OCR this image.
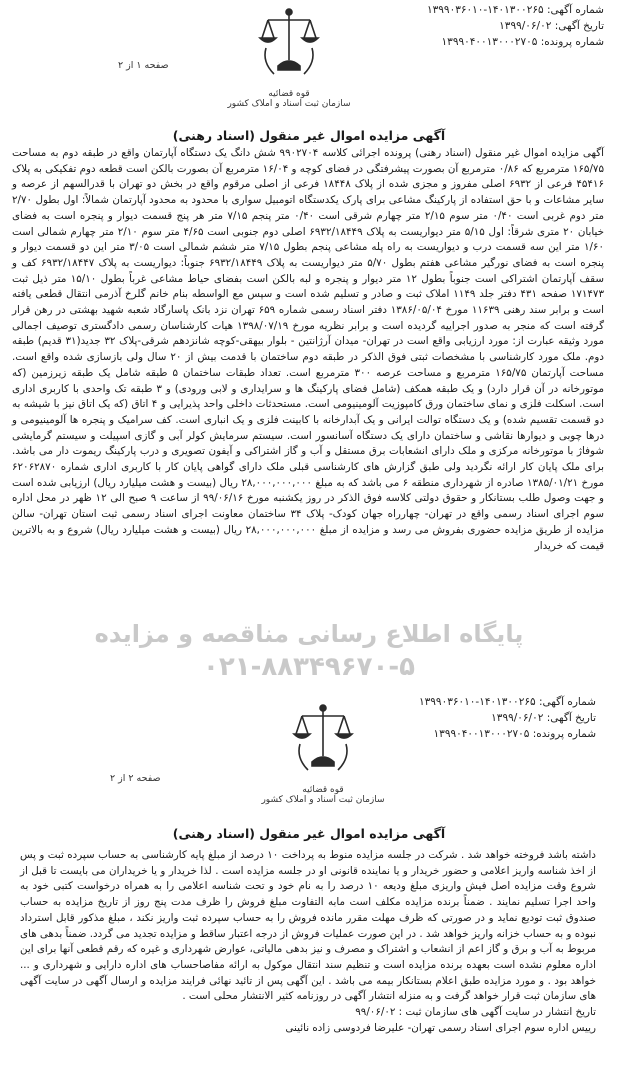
شماره آگهی: ۱۴۰۱۳۰۰۲۶۵-۱۳۹۹۰۳۶۰۱۰
تاریخ آگهی: ۱۳۹۹/۰۶/۰۲
شماره پرونده: ۱۳۹۹۰۴۰۰۱۳۰۰۰۲۷۰۵
قوه قضائیه
سازمان ثبت اسناد و املاک کشور
صفحه ۱ از ۲
آگهی مزایده اموال غیر منقول (اسناد رهنی)
آگهی مزایده اموال غیر منقول (اسناد رهنی) پرونده اجرائی کلاسه ۹۹۰۲۷۰۴ شش دانگ یک دستگاه آپارتمان واقع در طبقه دوم به مساحت ۱۶۵/۷۵ مترمربع که ۰/۸۶ مترمربع آن بصورت پیشرفتگی در فضای کوچه و ۱۶/۰۴ مترمربع آن بصورت بالکن است قطعه دوم تفکیکی به پلاک ۴۵۴۱۶ فرعی از ۶۹۳۲ اصلی مفروز و مجزی شده از پلاک ۱۸۴۴۸ فرعی از اصلی مرقوم واقع در بخش دو تهران با قدرالسهم از عرصه و سایر مشاعات و با حق استفاده از پارکینگ مشاعی برای پارک یکدستگاه اتومبیل سواری با محدود به محدود آپارتمان شمالاً: اول بطول ۲/۷۰ متر دوم غربی است ۰/۴۰ متر سوم ۲/۱۵ متر چهارم شرقی است ۰/۴۰ متر پنجم ۷/۱۵ متر هر پنج قسمت دیوار و پنجره است به فضای خیابان ۲۰ متری شرقاً: اول ۵/۱۵ متر دیواریست به پلاک ۶۹۳۲/۱۸۴۴۹ اصلی دوم جنوبی است ۴/۶۵ متر سوم ۲/۱۰ متر چهارم شمالی است ۱/۶۰ متر این سه قسمت درب و دیواریست به راه پله مشاعی پنجم بطول ۷/۱۵ متر ششم شمالی است ۳/۰۵ متر این دو قسمت دیوار و پنجره است به فضای نورگیر مشاعی هفتم بطول ۵/۷۰ متر دیواریست به پلاک ۶۹۳۲/۱۸۴۴۹ جنوباً: دیواریست به پلاک ۶۹۳۲/۱۸۴۴۷ کف و سقف آپارتمان اشتراکی است جنوباً بطول ۱۲ متر دیوار و پنجره و لبه بالکن است بفضای حیاط مشاعی غرباً بطول ۱۵/۱۰ متر ذیل ثبت ۱۷۱۴۷۳ صفحه ۴۳۱ دفتر جلد ۱۱۴۹ املاک ثبت و صادر و تسلیم شده است و سپس مع الواسطه بنام خانم گلرخ آذرمی انتقال قطعی یافته است و برابر سند رهنی ۱۱۶۳۹ مورخ ۱۳۸۶/۰۵/۰۴ دفتر اسناد رسمی شماره ۶۵۹ تهران نزد بانک پاسارگاد شعبه شهید بهشتی در رهن قرار گرفته است که منجر به صدور اجراییه گردیده است و برابر نظریه مورخ ۱۳۹۸/۰۷/۱۹ هیات کارشناسان رسمی دادگستری توصیف اجمالی مورد وثیقه عبارت از: مورد ارزیابی واقع است در تهران- میدان آرژانتین - بلوار بیهقی-کوچه شانزدهم شرقی-پلاک ۳۲ جدید(۳۱ قدیم) طبقه دوم. ملک مورد کارشناسی با مشخصات ثبتی فوق الذکر در طبقه دوم ساختمان با قدمت بیش از ۲۰ سال ولی بازسازی شده واقع است. مساحت آپارتمان ۱۶۵/۷۵ مترمربع و مساحت عرصه ۳۰۰ مترمربع است. تعداد طبقات ساختمان ۵ طبقه شامل یک طبقه زیرزمین (که موتورخانه در آن قرار دارد) و یک طبقه همکف (شامل فضای پارکینگ ها و سرایداری و لابی ورودی) و ۳ طبقه تک واحدی با کاربری اداری است. اسکلت فلزی و نمای ساختمان ورق کامپوزیت آلومینیومی است. مستحدثات داخلی واحد پذیرایی و ۴ اتاق (که یک اتاق نیز با شیشه به دو قسمت تقسیم شده) و یک دستگاه توالت ایرانی و یک آبدارخانه با کابینت فلزی و یک انباری است. کف سرامیک و پنجره ها آلومینیومی و درها چوبی و دیوارها نقاشی و ساختمان دارای یک دستگاه آسانسور است. سیستم سرمایش کولر آبی و گازی اسپیلت و سیستم گرمایشی شوفاژ با موتورخانه مرکزی و ملک دارای انشعابات برق مستقل و آب و گاز اشتراکی و آیفون تصویری و درب پارکینگ ریموت دار می باشد. برای ملک پایان کار ارائه نگردید ولی طبق گزارش های کارشناسی قبلی ملک دارای گواهی پایان کار با کاربری اداری شماره ۶۲۰۶۲۸۷۰ مورخ ۱۳۸۵/۰۱/۲۱ صادره از شهرداری منطقه ۶ می باشد که به مبلغ ۲۸,۰۰۰,۰۰۰,۰۰۰ ریال (بیست و هشت میلیارد ریال) ارزیابی شده است و جهت وصول طلب بستانکار و حقوق دولتی کلاسه فوق الذکر در روز یکشنبه مورخ ۹۹/۰۶/۱۶ از ساعت ۹ صبح الی ۱۲ ظهر در محل اداره سوم اجرای اسناد رسمی واقع در تهران- چهارراه جهان کودک- پلاک ۳۴ ساختمان معاونت اجرای اسناد رسمی ثبت استان تهران- سالن مزایده از طریق مزایده حضوری بفروش می رسد و مزایده از مبلغ ۲۸,۰۰۰,۰۰۰,۰۰۰ ریال (بیست و هشت میلیارد ریال) شروع و به بالاترین قیمت که خریدار
پایگاه اطلاع رسانی مناقصه و مزایده
۰۲۱-۸۸۳۴۹۶۷۰-۵
شماره آگهی: ۱۴۰۱۳۰۰۲۶۵-۱۳۹۹۰۳۶۰۱۰
تاریخ آگهی: ۱۳۹۹/۰۶/۰۲
شماره پرونده: ۱۳۹۹۰۴۰۰۱۳۰۰۰۲۷۰۵
قوه قضائیه
سازمان ثبت اسناد و املاک کشور
صفحه ۲ از ۲
آگهی مزایده اموال غیر منقول (اسناد رهنی)
داشته باشد فروخته خواهد شد . شرکت در جلسه مزایده منوط به پرداخت ۱۰ درصد از مبلغ پایه کارشناسی به حساب سپرده ثبت و پس از اخذ شناسه واریز اعلامی و حضور خریدار و یا نماینده قانونی او در جلسه مزایده است . لذا خریدار و یا خریداران می بایست تا قبل از شروع وقت مزایده اصل فیش واریزی مبلغ ودیعه ۱۰ درصد را به نام خود و تحت شناسه اعلامی را به همراه درخواست کتبی خود به واحد اجرا تسلیم نمایند . ضمناً برنده مزایده مکلف است مابه التفاوت مبلغ فروش را ظرف مدت پنج روز از تاریخ مزایده به حساب صندوق ثبت تودیع نماید و در صورتی که ظرف مهلت مقرر مانده فروش را به حساب سپرده ثبت واریز نکند ، مبلغ مذکور قابل استرداد نبوده و به حساب خزانه واریز خواهد شد . در این صورت عملیات فروش از درجه اعتبار ساقط و مزایده تجدید می گردد. ضمناً بدهی های مربوط به آب و برق و گاز اعم از انشعاب و اشتراک و مصرف و نیز بدهی مالیاتی، عوارض شهرداری و غیره که رقم قطعی آنها برای این اداره معلوم نشده است بعهده برنده مزایده است و تنظیم سند انتقال موکول به ارائه مفاصاحساب های اداره دارایی و شهرداری و ... خواهد بود . و مورد مزایده طبق اعلام بستانکار بیمه می باشد . این آگهی پس از تائید نهائی فرایند مزایده و ارسال آگهی در سایت آگهی های سازمان ثبت قرار خواهد گرفت و به منزله انتشار آگهی در روزنامه کثیر الانتشار محلی است .
تاریخ انتشار در سایت آگهی های سازمان ثبت : ۹۹/۰۶/۰۲
رییس اداره سوم اجرای اسناد رسمی تهران- علیرضا فردوسی زاده نائینی
